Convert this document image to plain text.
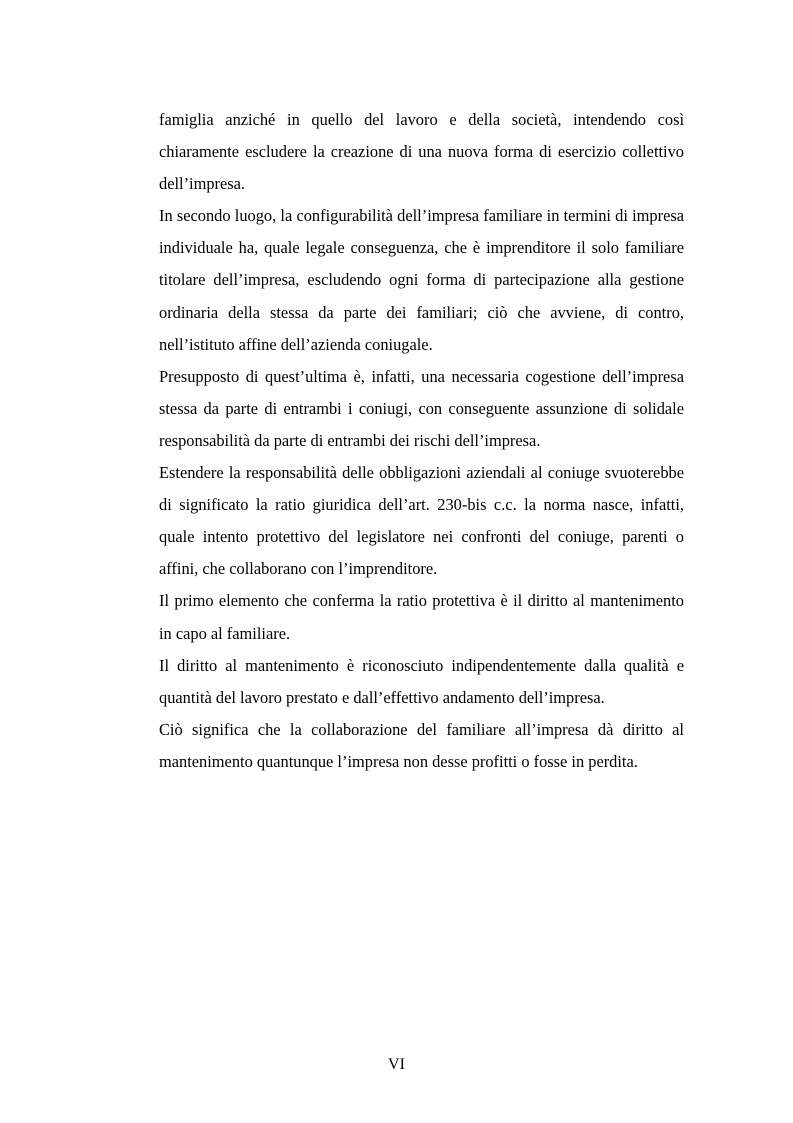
famiglia anziché in quello del lavoro e della società, intendendo così chiaramente escludere la creazione di una nuova forma di esercizio collettivo dell’impresa.

In secondo luogo, la configurabilità dell’impresa familiare in termini di impresa individuale ha, quale legale conseguenza, che è imprenditore il solo familiare titolare dell’impresa, escludendo ogni forma di partecipazione alla gestione ordinaria della stessa da parte dei familiari; ciò che avviene, di contro, nell’istituto affine dell’azienda coniugale.

Presupposto di quest’ultima è, infatti, una necessaria cogestione dell’impresa stessa da parte di entrambi i coniugi, con conseguente assunzione di solidale responsabilità da parte di entrambi dei rischi dell’impresa.

Estendere la responsabilità delle obbligazioni aziendali al coniuge svuoterebbe di significato la ratio giuridica dell’art. 230-bis c.c. la norma nasce, infatti, quale intento protettivo del legislatore nei confronti del coniuge, parenti o affini, che collaborano con l’imprenditore.

Il primo elemento che conferma la ratio protettiva è il diritto al mantenimento in capo al familiare.

Il diritto al mantenimento è riconosciuto indipendentemente dalla qualità e quantità del lavoro prestato e dall’effettivo andamento dell’impresa.

Ciò significa che la collaborazione del familiare all’impresa dà diritto al mantenimento quantunque l’impresa non desse profitti o fosse in perdita.

VI
